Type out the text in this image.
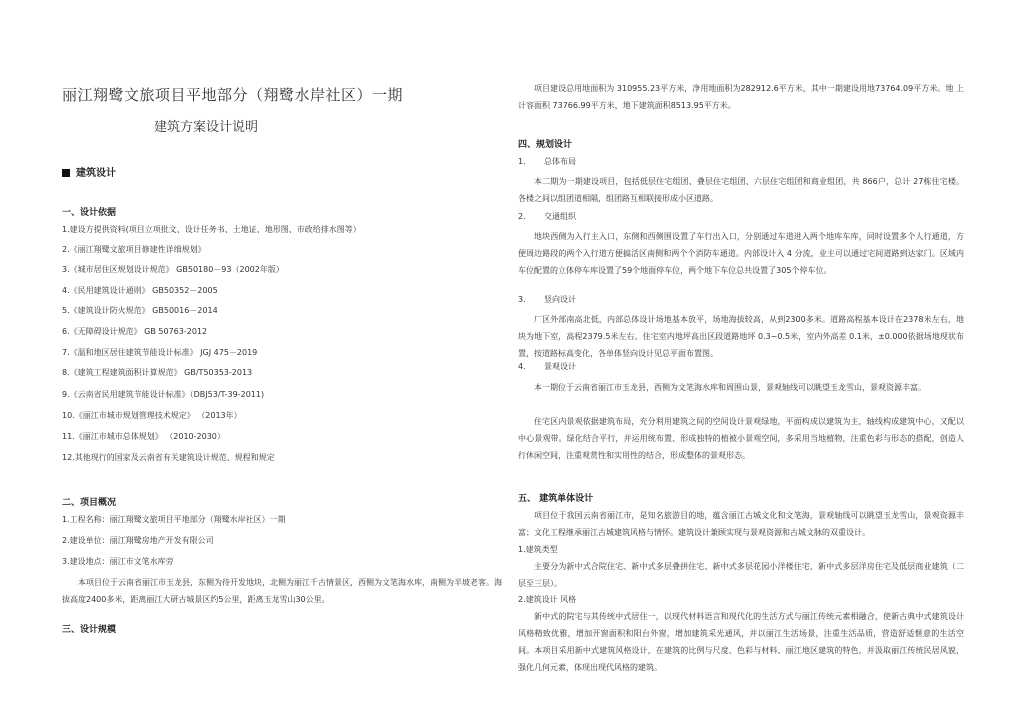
丽江翔鹭文旅项目平地部分（翔鹭水岸社区）一期
建筑方案设计说明
建筑设计
一、设计依据
1.建设方提供资料(项目立项批文、设计任务书、土地证、地形图、市政给排水图等）
2.《丽江翔鹭文旅项目修建性详细规划》
3.《城市居住区规划设计规范》 GB50180－93（2002年版）
4.《民用建筑设计通则》 GB50352－2005
5.《建筑设计防火规范》 GB50016－2014
6.《无障碍设计规范》 GB 50763-2012
7.《温和地区居住建筑节能设计标准》 JGJ 475－2019
8.《建筑工程建筑面积计算规范》 GB/T50353-2013
9.《云南省民用建筑节能设计标准》（DBJ53/T-39-2011)
10.《丽江市城市规划管理技术规定》 （2013年）
11.《丽江市城市总体规划》 （2010-2030）
12.其他现行的国家及云南省有关建筑设计规范、规程和规定
二、项目概况
1.工程名称：丽江翔鹭文旅项目平地部分（翔鹭水岸社区）一期
2.建设单位：丽江翔鹭房地产开发有限公司
3.建设地点：丽江市文笔水库旁
本项目位于云南省丽江市玉龙县，东侧为待开发地块，北侧为丽江千古情景区，西侧为文笔海水库，南侧为半坡老客。海拔高度2400多米，距离丽江大研古城景区约5公里，距离玉龙雪山30公里。
三、设计规模
项目建设总用地面积为 310955.23平方米，净用地面积为282912.6平方米，其中一期建设用地73764.09平方米。地 上计容面积 73766.99平方米，地下建筑面积8513.95平方米。
四、规划设计
1. 总体布局
本二期为一期建设项目，包括低层住宅组团、叠层住宅组团、六层住宅组团和商业组团，共 866户，总计 27栋住宅楼。各楼之间以组团道相隔，组团路互相联接形成小区道路。
2. 交通组织
地块西侧为入行主入口，东侧和西侧围设置了车行出入口，分别通过车道进入两个地库车库，同时设置多个人行通道，方便周边路段的两个入行道方便搞活区南侧和两个个消防车通道。内部设计入 4 分流，业主可以通过宅间道路到达家门。区域内车位配置的立体停车库设置了59个地面停车位，两个地下车位总共设置了305个停车位。
3. 竖向设计
厂区外部南高北低，内部总体设计场地基本放平，场地海拔较高，从到2300多米。道路高程基本设计在2378米左右，地块为地下室，高程2379.5米左右。住宅室内地坪高出区段道路地坪 0.3~0.5米，室内外高差 0.1米，±0.000依据场地现状布置，按道路标高变化，各单体竖向设计见总平面布置图。
4. 景观设计
本一期位于云南省丽江市玉龙县，西侧为文笔海水库和周围山景，景观轴线可以眺望玉龙雪山，景观资源丰富。
住宅区内景观依据建筑布局，充分利用建筑之间的空间设计景观绿地，平面构成以建筑为主，轴线构成建筑中心，又配以中心景观带。绿化结合平行，并运用统布置、形成独特的植被小景观空间，多采用当地植物，注重色彩与形态的搭配，创造人行休闲空间，注重观赏性和实用性的结合，形成整体的景观形态。
五、 建筑单体设计
项目位于我国云南省丽江市，是知名旅游目的地，蕴含丽江古城文化和文笔海，景观轴线可以眺望玉龙雪山，景观资源丰富；文化工程继承丽江古城建筑风格与情怀。建筑设计兼顾实现与景观资源和古城文脉的双重设计。
1.建筑类型
主要分为新中式合院住宅、新中式多层叠拼住宅、新中式多层花园小洋楼住宅，新中式多层洋房住宅及低层商业建筑（二层至三层）。
2.建筑设计 风格
新中式的院宅与其传统中式居住一，以现代材料语言和现代化的生活方式与丽江传统元素相融合，使新古典中式建筑设计风格精致优雅，增加开窗面积和阳台外窗，增加建筑采光通风，并以丽江生活场景，注重生活品质，营造舒适惬意的生活空间。本项目采用新中式建筑风格设计，在建筑的比例与尺度、色彩与材料、丽江地区建筑的特色，并汲取丽江传统民居风貌，强化几何元素，体现出现代风格的建筑。
